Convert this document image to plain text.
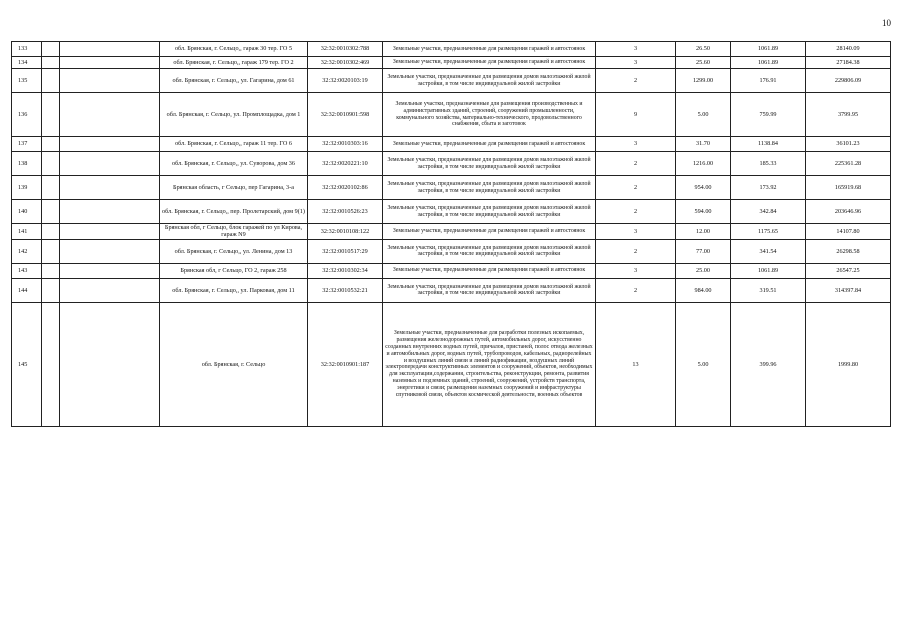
10
133			обл. Брянская, г. Сельцо,, гараж 30 тер. ГО 5	32:32:0010302:788	Земельные участки, предназначенные для размещения гаражей и автостоянок	3	26.50	1061.89	28140.09
134			обл. Брянская, г. Сельцо,, гараж 179 тер. ГО 2	32:32:0010302:469	Земельные участки, предназначенные для размещения гаражей и автостоянок	3	25.60	1061.89	27184.38
135			обл. Брянская, г. Сельцо,, ул. Гагарина, дом 61	32:32:0020103:19	Земельные участки, предназначенные для размещения домов малоэтажной жилой застройки, в том числе индивидуальной жилой застройки	2	1299.00	176.91	229806.09
136			обл. Брянская, г. Сельцо, ул. Промплощадка, дом 1	32:32:0010901:598	Земельные участки, предназначенные для размещения производственных и административных зданий, строений, сооружений промышленности, коммунального хозяйства, материально-технического, продовольственного снабжения, сбыта и заготовок	9	5.00	759.99	3799.95
137			обл. Брянская, г. Сельцо,, гараж 11 тер. ГО 6	32:32:0010303:16	Земельные участки, предназначенные для размещения гаражей и автостоянок	3	31.70	1138.84	36101.23
138			обл. Брянская, г. Сельцо,, ул. Суворова, дом 36	32:32:0020221:10	Земельные участки, предназначенные для размещения домов малоэтажной жилой застройки, в том числе индивидуальной жилой застройки	2	1216.00	185.33	225361.28
139			Брянская область, г Сельцо, пер Гагарина, 3-а	32:32:0020102:86	Земельные участки, предназначенные для размещения домов малоэтажной жилой застройки, в том числе индивидуальной жилой застройки	2	954.00	173.92	165919.68
140			обл. Брянская, г. Сельцо,, пер. Пролетарский, дом 9(1)	32:32:0010526:23	Земельные участки, предназначенные для размещения домов малоэтажной жилой застройки, в том числе индивидуальной жилой застройки	2	594.00	342.84	203646.96
141			Брянская обл, г Сельцо, блок гаражей по ул Кирова, гараж N9	32:32:0010108:122	Земельные участки, предназначенные для размещения гаражей и автостоянок	3	12.00	1175.65	14107.80
142			обл. Брянская, г. Сельцо,, ул. Ленина, дом 13	32:32:0010517:29	Земельные участки, предназначенные для размещения домов малоэтажной жилой застройки, в том числе индивидуальной жилой застройки	2	77.00	341.54	26298.58
143			Брянская обл, г Сельцо, ГО 2, гараж 258	32:32:0010302:34	Земельные участки, предназначенные для размещения гаражей и автостоянок	3	25.00	1061.89	26547.25
144			обл. Брянская, г. Сельцо,, ул. Парковая, дом 11	32:32:0010532:21	Земельные участки, предназначенные для размещения домов малоэтажной жилой застройки, в том числе индивидуальной жилой застройки	2	984.00	319.51	314397.84
145			обл. Брянская, г. Сельцо	32:32:0010901:187	Земельные участки, предназначенные для разработки полезных ископаемых, размещения железнодорожных путей, автомобильных дорог, искусственно созданных внутренних водных путей, причалов, пристаней, полос отвода железных и автомобильных дорог, водных путей, трубопроводов, кабельных, радиорелейных и воздушных линий связи и линий радиофикации, воздушных линий электропередачи конструктивных элементов и сооружений, объектов, необходимых для эксплуатации,содержания, строительства, реконструкции, ремонта, развития наземных и подземных зданий, строений, сооружений, устройств транспорта, энергетики и связи; размещения наземных сооружений и инфраструктуры спутниковой связи, объектов космической деятельности, военных объектов	13	5.00	399.96	1999.80
